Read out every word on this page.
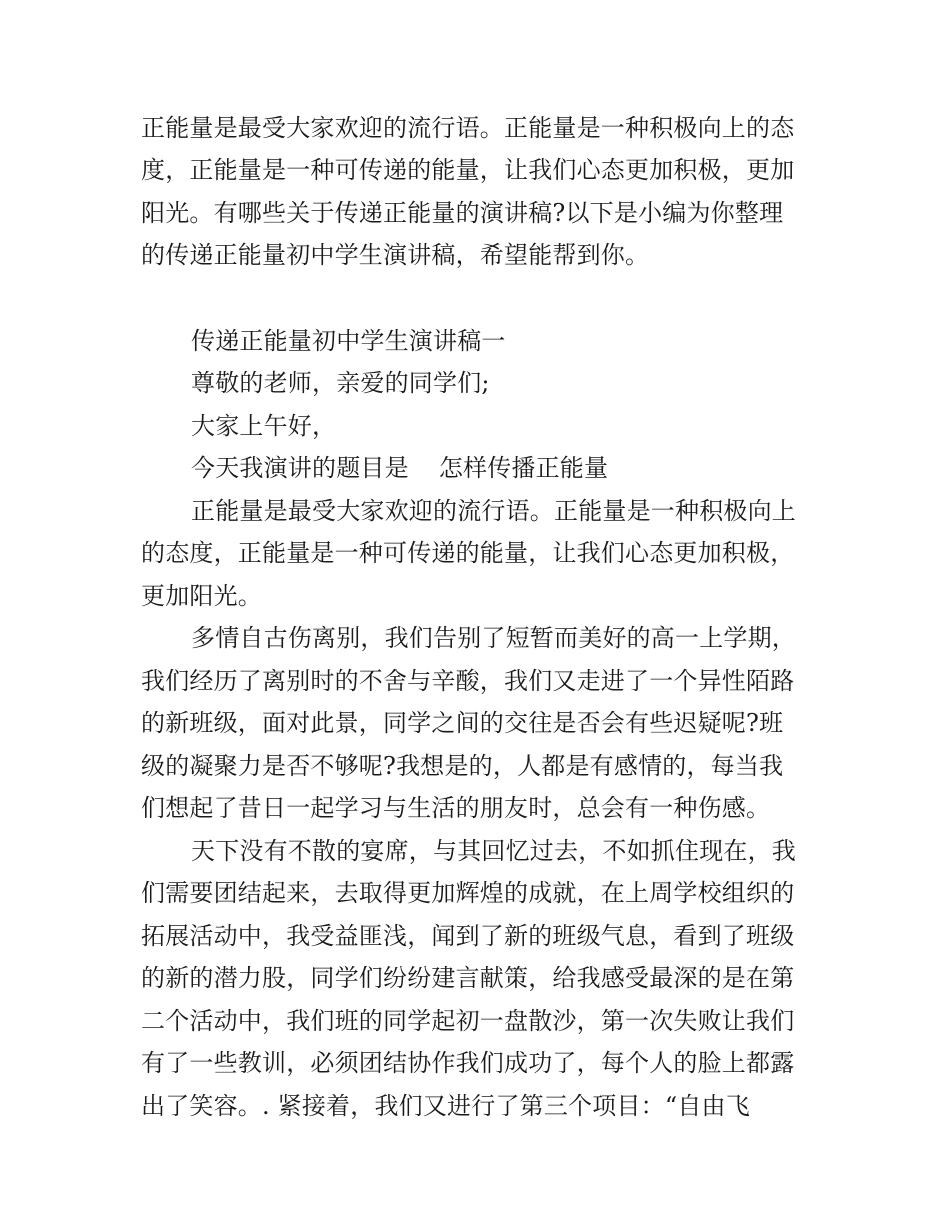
正能量是最受大家欢迎的流行语。正能量是一种积极向上的态
度，正能量是一种可传递的能量，让我们心态更加积极，更加
阳光。有哪些关于传递正能量的演讲稿?以下是小编为你整理
的传递正能量初中学生演讲稿，希望能帮到你。
传递正能量初中学生演讲稿一
尊敬的老师，亲爱的同学们;
大家上午好，
今天我演讲的题目是 怎样传播正能量
正能量是最受大家欢迎的流行语。正能量是一种积极向上
的态度，正能量是一种可传递的能量，让我们心态更加积极，
更加阳光。
多情自古伤离别，我们告别了短暂而美好的高一上学期，
我们经历了离别时的不舍与辛酸，我们又走进了一个异性陌路
的新班级，面对此景，同学之间的交往是否会有些迟疑呢?班
级的凝聚力是否不够呢?我想是的，人都是有感情的，每当我
们想起了昔日一起学习与生活的朋友时，总会有一种伤感。
天下没有不散的宴席，与其回忆过去，不如抓住现在，我
们需要团结起来，去取得更加辉煌的成就，在上周学校组织的
拓展活动中，我受益匪浅，闻到了新的班级气息，看到了班级
的新的潜力股，同学们纷纷建言献策，给我感受最深的是在第
二个活动中，我们班的同学起初一盘散沙，第一次失败让我们
有了一些教训，必须团结协作我们成功了，每个人的脸上都露
出了笑容。. 紧接着，我们又进行了第三个项目：“自由飞
